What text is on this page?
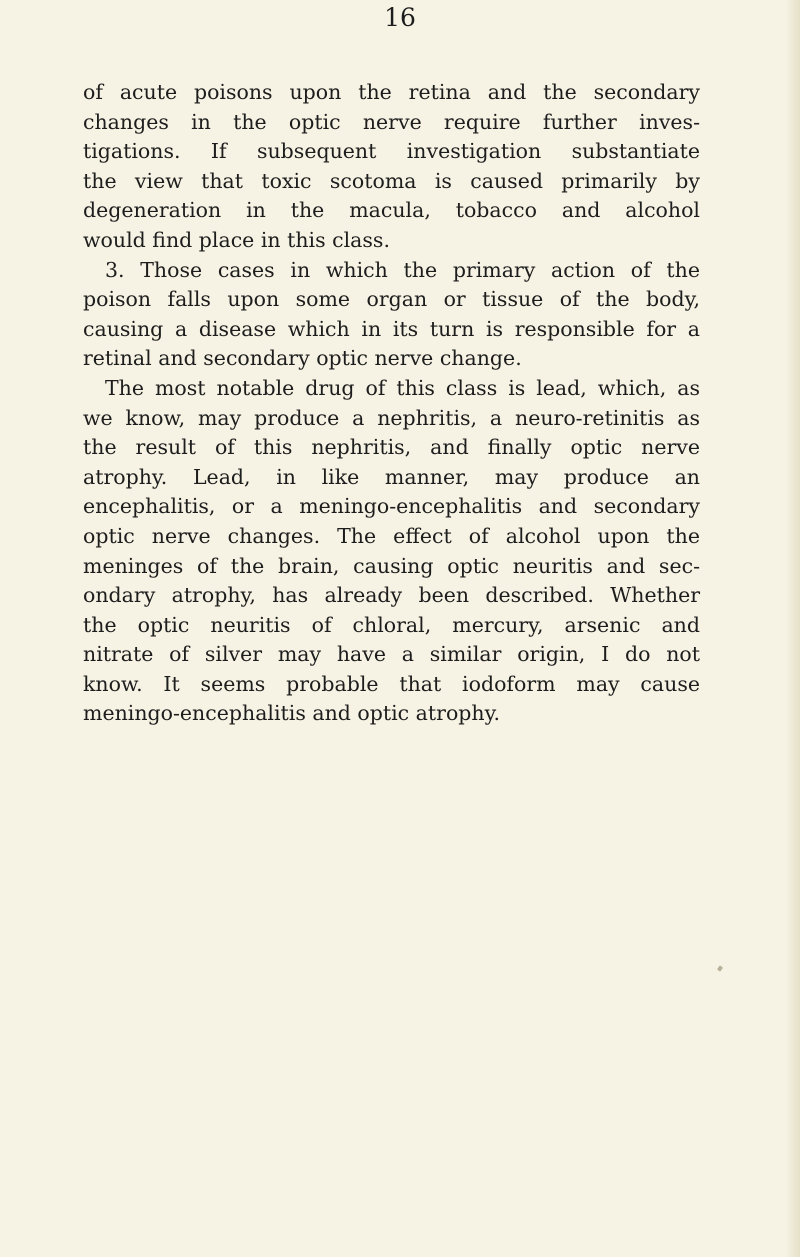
16
of acute poisons upon the retina and the secondary
changes in the optic nerve require further inves-
tigations. If subsequent investigation substantiate
the view that toxic scotoma is caused primarily by
degeneration in the macula, tobacco and alcohol
would find place in this class.
3. Those cases in which the primary action of the
poison falls upon some organ or tissue of the body,
causing a disease which in its turn is responsible for a
retinal and secondary optic nerve change.
The most notable drug of this class is lead, which, as
we know, may produce a nephritis, a neuro-retinitis as
the result of this nephritis, and finally optic nerve
atrophy. Lead, in like manner, may produce an
encephalitis, or a meningo-encephalitis and secondary
optic nerve changes. The effect of alcohol upon the
meninges of the brain, causing optic neuritis and sec-
ondary atrophy, has already been described. Whether
the optic neuritis of chloral, mercury, arsenic and
nitrate of silver may have a similar origin, I do not
know. It seems probable that iodoform may cause
meningo-encephalitis and optic atrophy.
